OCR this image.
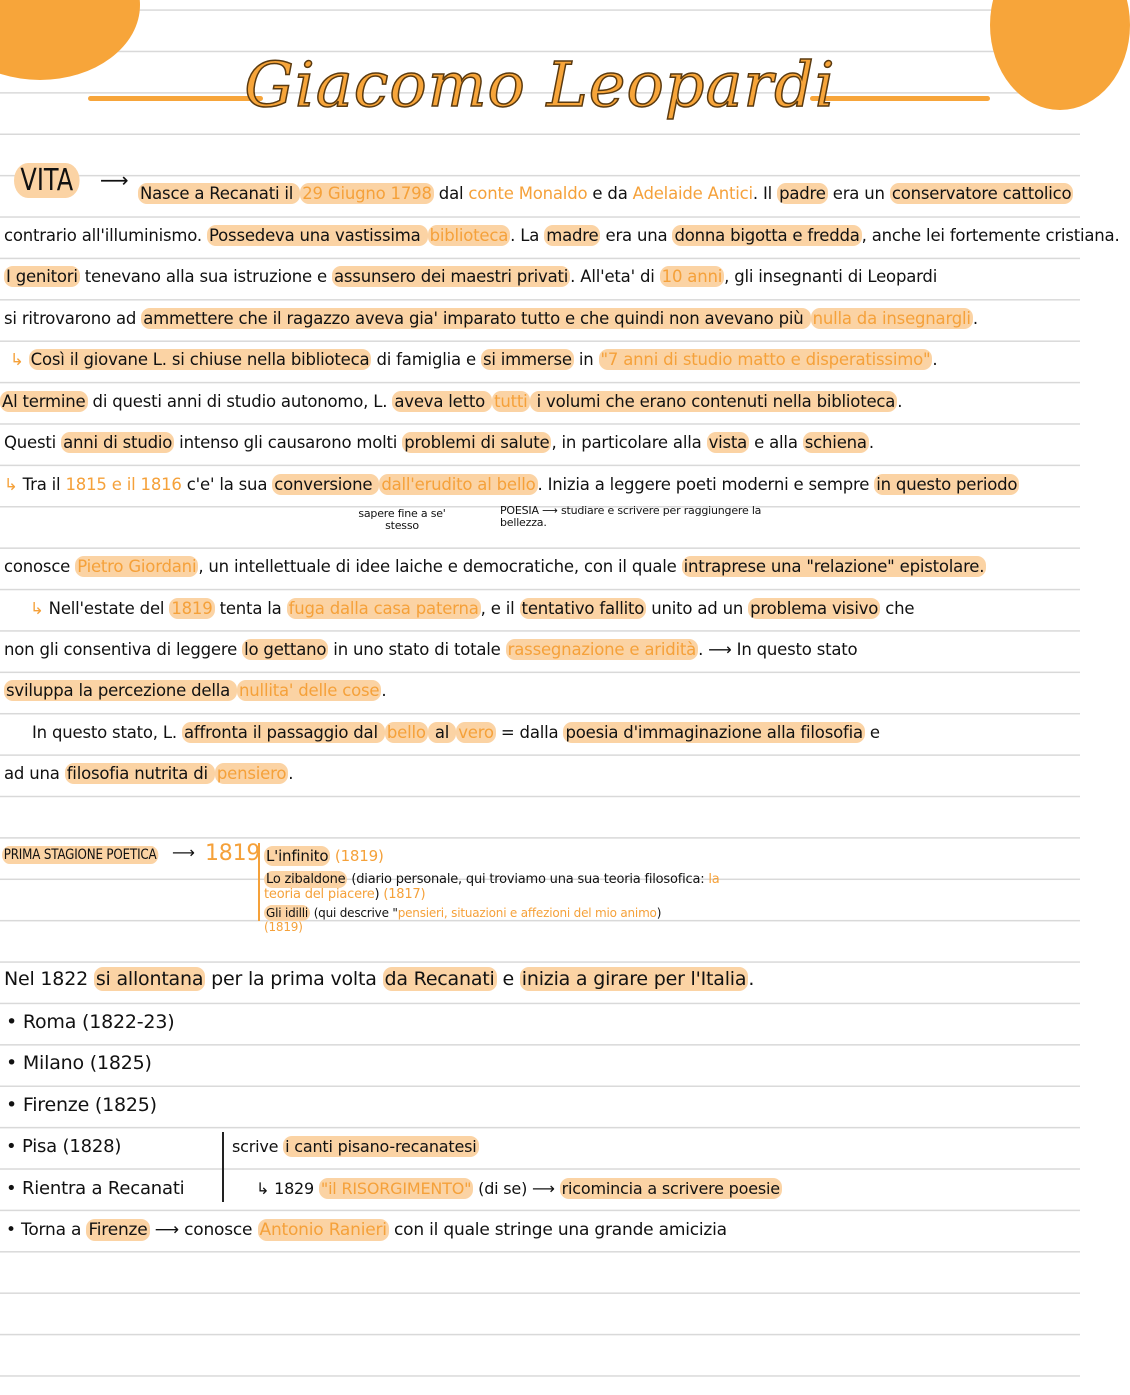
Giacomo Leopardi
VITA	⟶
Nasce a Recanati il 29 Giugno 1798 dal conte Monaldo e da Adelaide Antici. Il padre era un conservatore cattolico
contrario all'illuminismo. Possedeva una vastissima biblioteca . La madre era una donna bigotta e fredda , anche lei fortemente cristiana.
I genitori tenevano alla sua istruzione e assunsero dei maestri privati . All'eta' di 10 anni , gli insegnanti di Leopardi
si ritrovarono ad ammettere che il ragazzo aveva gia' imparato tutto e che quindi non avevano più nulla da insegnargli .
↳ Così il giovane L. si chiuse nella biblioteca di famiglia e si immerse in "7 anni di studio matto e disperatissimo" .
Al termine di questi anni di studio autonomo, L. aveva letto tutti i volumi che erano contenuti nella biblioteca .
Questi anni di studio intenso gli causarono molti problemi di salute , in particolare alla vista e alla schiena .
↳ Tra il 1815 e il 1816 c'e' la sua conversione dall'erudito al bello . Inizia a leggere poeti moderni e sempre in questo periodo
sapere fine a se' stesso
POESIA ⟶ studiare e scrivere per raggiungere la bellezza.
conosce Pietro Giordani , un intellettuale di idee laiche e democratiche, con il quale intraprese una "relazione" epistolare.
↳ Nell'estate del 1819 tenta la fuga dalla casa paterna , e il tentativo fallito unito ad un problema visivo che
non gli consentiva di leggere lo gettano in uno stato di totale rassegnazione e aridità . ⟶ In questo stato
sviluppa la percezione della nullita' delle cose .
In questo stato, L. affronta il passaggio dal bello al vero = dalla poesia d'immaginazione alla filosofia e
ad una filosofia nutrita di pensiero .
PRIMA STAGIONE POETICA ⟶ 1819 L'infinito (1819)
Lo zibaldone (diario personale, qui troviamo una sua teoria filosofica: la teoria del piacere) (1817)
Gli idilli (qui descrive "pensieri, situazioni e affezioni del mio animo) (1819)
Nel 1822 si allontana per la prima volta da Recanati e inizia a girare per l'Italia .
• Roma (1822-23)
• Milano (1825)
• Firenze (1825)
• Pisa (1828)
• Rientra a Recanati
• Torna a Firenze ⟶ conosce Antonio Ranieri con il quale stringe una grande amicizia
scrive i canti pisano-recanatesi
↳ 1829 "il RISORGIMENTO" (di se) ⟶ ricomincia a scrivere poesie
